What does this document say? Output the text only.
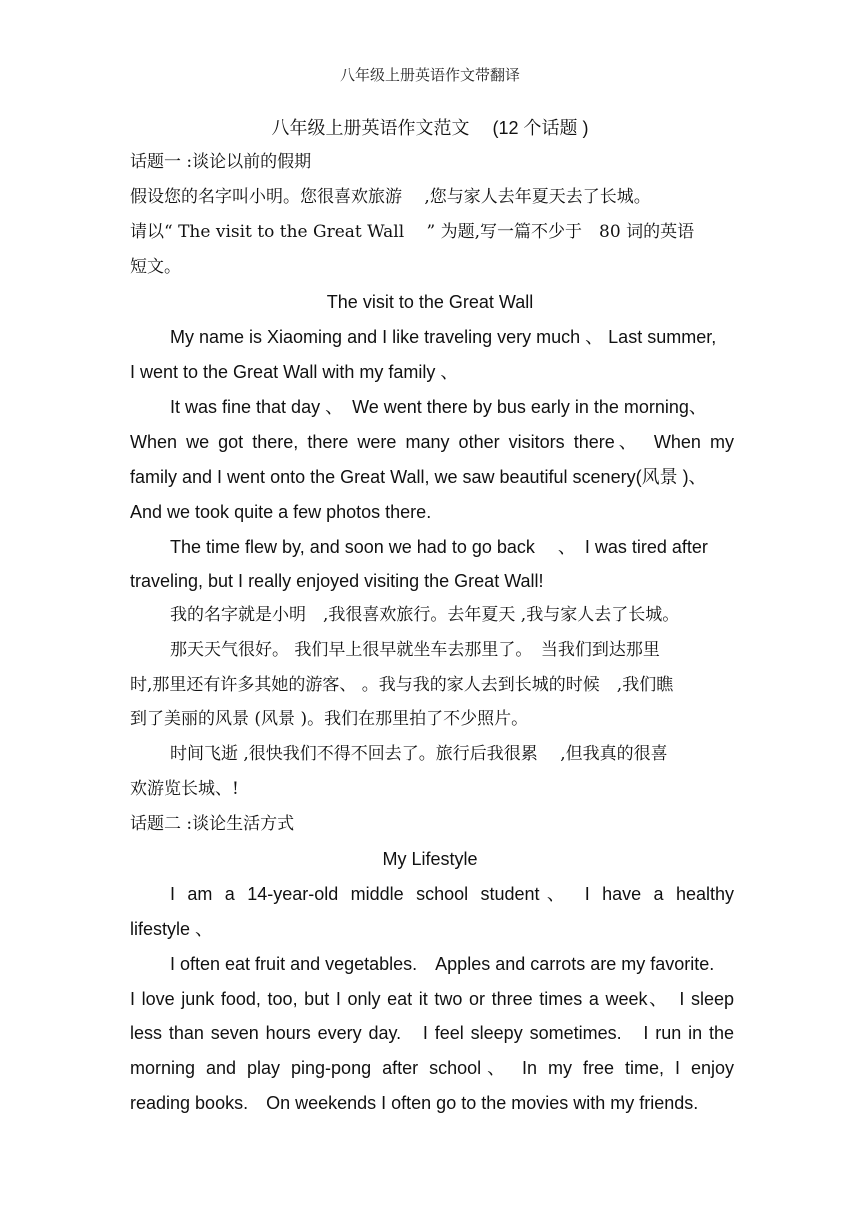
八年级上册英语作文带翻译
八年级上册英语作文范文　 (12 个话题 )
话题一 :谈论以前的假期
假设您的名字叫小明。您很喜欢旅游　 ,您与家人去年夏天去了长城。
请以“ The visit to the Great Wall　 ” 为题,写一篇不少于　80 词的英语
短文。
The visit to the Great Wall
My name is Xiaoming and I like traveling very much 、 Last summer,
I went to the Great Wall with my family 、
It was fine that day 、　We went there by bus early in the morning、
When we got there, there were many other visitors there、　When my
family and I went onto the Great Wall, we saw beautiful scenery(风景 )、
And we took quite a few photos there.
The time flew by, and soon we had to go back　 、　I was tired after
traveling, but I really enjoyed visiting the Great Wall!
我的名字就是小明　,我很喜欢旅行。去年夏天 ,我与家人去了长城。
那天天气很好。 我们早上很早就坐车去那里了。　当我们到达那里
时,那里还有许多其她的游客、 。我与我的家人去到长城的时候　,我们瞧
到了美丽的风景 (风景 )。我们在那里拍了不少照片。
时间飞逝 ,很快我们不得不回去了。旅行后我很累　 ,但我真的很喜
欢游览长城、!
话题二 :谈论生活方式
My Lifestyle
I am a 14-year-old middle school student、 I have a healthy
lifestyle 、
I often eat fruit and vegetables.　Apples and carrots are my favorite.
I love junk food, too, but I only eat it two or three times a week、　I sleep
less than seven hours every day.　I feel sleepy sometimes.　I run in the
morning and play ping-pong after school、 In my free time, I enjoy
reading books.　On weekends I often go to the movies with my friends.
